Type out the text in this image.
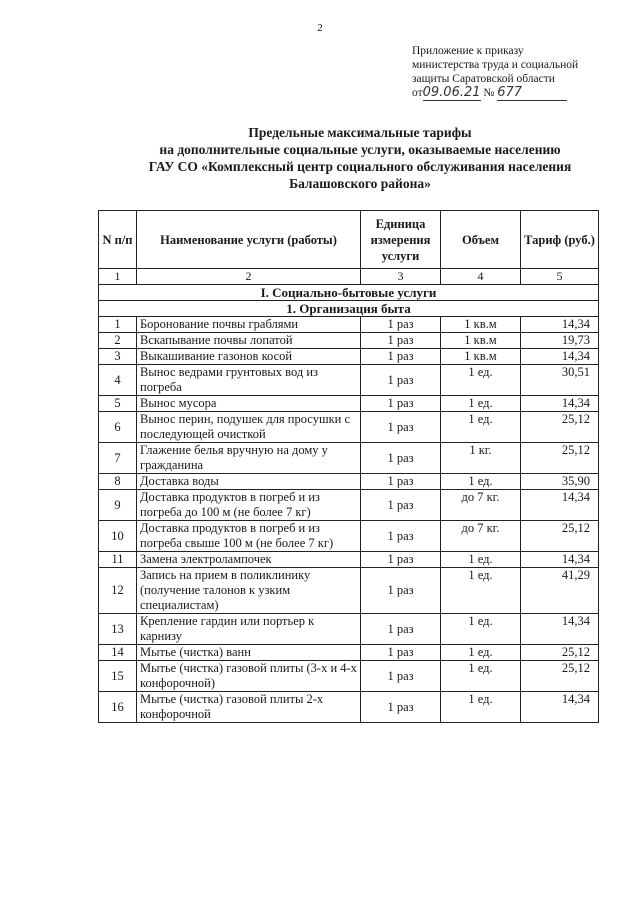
2
Приложение к приказу
министерства труда и социальной
защиты Саратовской области
от09.06.21 № 677
Предельные максимальные тарифы
на дополнительные социальные услуги, оказываемые населению
ГАУ СО «Комплексный центр социального обслуживания населения
Балашовского района»
N п/п	Наименование услуги (работы)	Единица измерения услуги	Объем	Тариф (руб.)
1	2	3	4	5
I. Социально-бытовые услуги				
1. Организация быта				
1	Боронование почвы граблями	1 раз	1 кв.м	14,34
2	Вскапывание почвы лопатой	1 раз	1 кв.м	19,73
3	Выкашивание газонов косой	1 раз	1 кв.м	14,34
4	Вынос ведрами грунтовых вод из погреба	1 раз	1 ед.	30,51
5	Вынос мусора	1 раз	1 ед.	14,34
6	Вынос перин, подушек для просушки с последующей очисткой	1 раз	1 ед.	25,12
7	Глажение белья вручную на дому у гражданина	1 раз	1 кг.	25,12
8	Доставка воды	1 раз	1 ед.	35,90
9	Доставка продуктов в погреб и из погреба до 100 м (не более 7 кг)	1 раз	до 7 кг.	14,34
10	Доставка продуктов в погреб и из погреба свыше 100 м (не более 7 кг)	1 раз	до 7 кг.	25,12
11	Замена электролампочек	1 раз	1 ед.	14,34
12	Запись на прием в поликлинику (получение талонов к узким специалистам)	1 раз	1 ед.	41,29
13	Крепление гардин или портьер к карнизу	1 раз	1 ед.	14,34
14	Мытье (чистка) ванн	1 раз	1 ед.	25,12
15	Мытье (чистка) газовой плиты (3-х и 4-х конфорочной)	1 раз	1 ед.	25,12
16	Мытье (чистка) газовой плиты 2-х конфорочной	1 раз	1 ед.	14,34
